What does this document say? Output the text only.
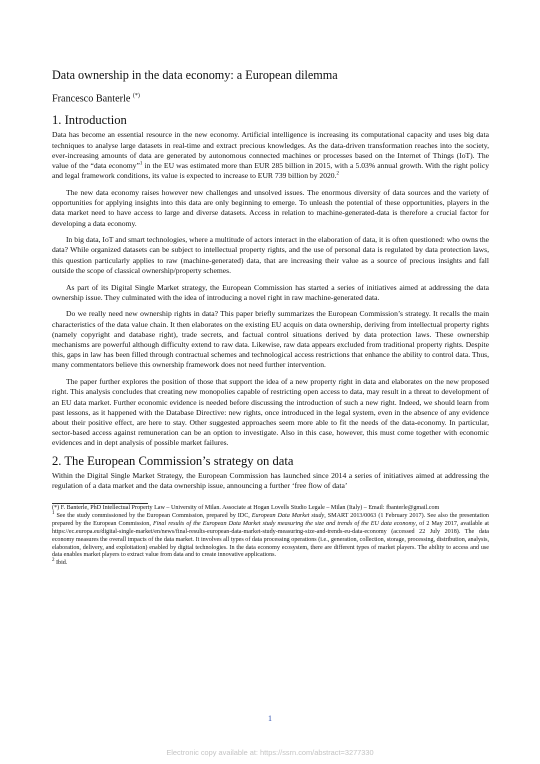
Data ownership in the data economy: a European dilemma
Francesco Banterle (*)
1. Introduction

Data has become an essential resource in the new economy. Artificial intelligence is increasing its computational capacity and uses big data techniques to analyse large datasets in real-time and extract precious knowledges. As the data-driven transformation reaches into the society, ever-increasing amounts of data are generated by autonomous connected machines or processes based on the Internet of Things (IoT). The value of the “data economy”$^1$ in the EU was estimated more than EUR 285 billion in 2015, with a 5.03% annual growth. With the right policy and legal framework conditions, its value is expected to increase to EUR 739 billion by 2020.$^2$

The new data economy raises however new challenges and unsolved issues. The enormous diversity of data sources and the variety of opportunities for applying insights into this data are only beginning to emerge. To unleash the potential of these opportunities, players in the data market need to have access to large and diverse datasets. Access in relation to machine-generated-data is therefore a crucial factor for developing a data economy.

In big data, IoT and smart technologies, where a multitude of actors interact in the elaboration of data, it is often questioned: who owns the data? While organized datasets can be subject to intellectual property rights, and the use of personal data is regulated by data protection laws, this question particularly applies to raw (machine-generated) data, that are increasing their value as a source of precious insights and fall outside the scope of classical ownership/property schemes.

As part of its Digital Single Market strategy, the European Commission has started a series of initiatives aimed at addressing the data ownership issue. They culminated with the idea of introducing a novel right in raw machine-generated data.

Do we really need new ownership rights in data? This paper briefly summarizes the European Commission’s strategy. It recalls the main characteristics of the data value chain. It then elaborates on the existing EU acquis on data ownership, deriving from intellectual property rights (namely copyright and database right), trade secrets, and factual control situations derived by data protection laws. These ownership mechanisms are powerful although difficulty extend to raw data. Likewise, raw data appears excluded from traditional property rights. Despite this, gaps in law has been filled through contractual schemes and technological access restrictions that enhance the ability to control data. Thus, many commentators believe this ownership framework does not need further intervention.

The paper further explores the position of those that support the idea of a new property right in data and elaborates on the new proposed right. This analysis concludes that creating new monopolies capable of restricting open access to data, may result in a threat to development of an EU data market. Further economic evidence is needed before discussing the introduction of such a new right. Indeed, we should learn from past lessons, as it happened with the Database Directive: new rights, once introduced in the legal system, even in the absence of any evidence about their positive effect, are here to stay. Other suggested approaches seem more able to fit the needs of the data-economy. In particular, sector-based access against remuneration can be an option to investigate. Also in this case, however, this must come together with economic evidences and in dept analysis of possible market failures.

2. The European Commission’s strategy on data

Within the Digital Single Market Strategy, the European Commission has launched since 2014 a series of initiatives aimed at addressing the regulation of a data market and the data ownership issue, announcing a further ‘free flow of data’

(*) F. Banterle, PhD Intellectual Property Law – University of Milan. Associate at Hogan Lovells Studio Legale – Milan (Italy) – Email: fbanterle@gmail.com

$^1$ See the study commissioned by the European Commission, prepared by IDC, European Data Market study, SMART 2013/0063 (1 February 2017). See also the presentation prepared by the European Commission, Final results of the European Data Market study measuring the size and trends of the EU data economy, of 2 May 2017, available at https://ec.europa.eu/digital-single-market/en/news/final-results-european-data-market-study-measuring-size-and-trends-eu-data-economy (accessed 22 July 2018). The data economy measures the overall impacts of the data market. It involves all types of data processing operations (i.e., generation, collection, storage, processing, distribution, analysis, elaboration, delivery, and exploitation) enabled by digital technologies. In the data economy ecosystem, there are different types of market players. The ability to access and use data enables market players to extract value from data and to create innovative applications.

$^2$ Ibid.

1
Electronic copy available at: https://ssrn.com/abstract=3277330
